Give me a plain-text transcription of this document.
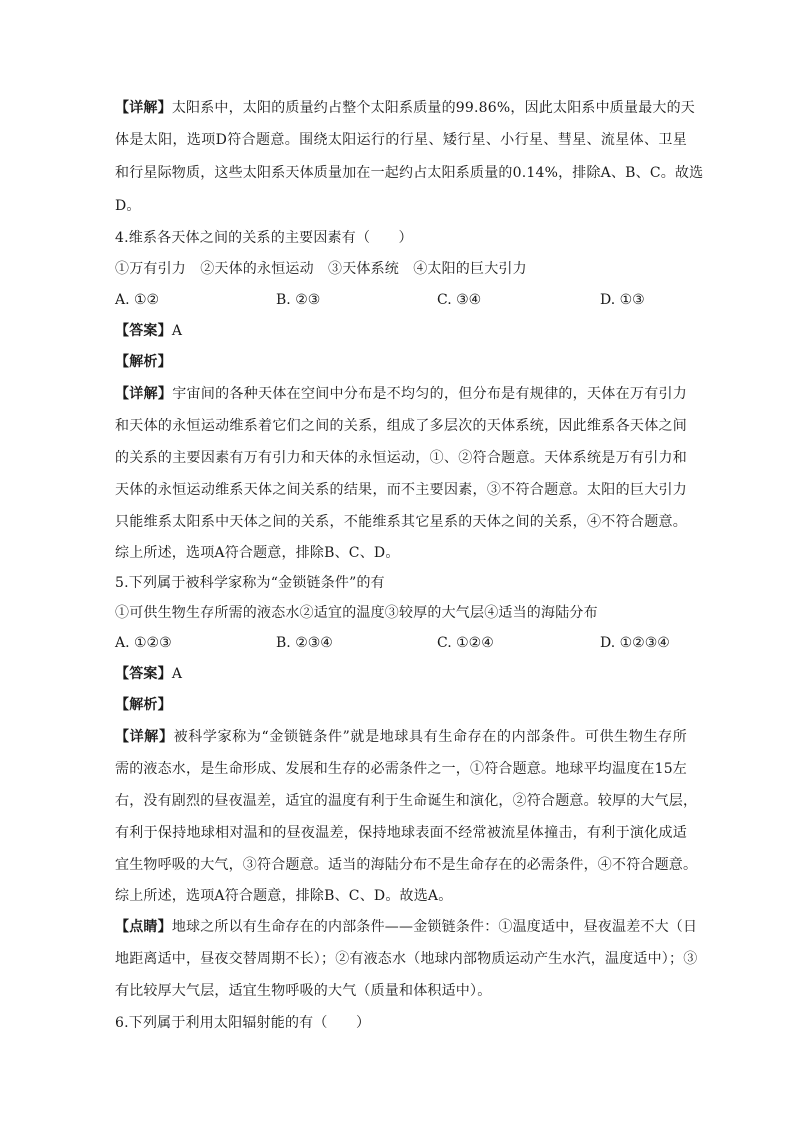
【详解】太阳系中，太阳的质量约占整个太阳系质量的99.86%，因此太阳系中质量最大的天
体是太阳，选项D符合题意。围绕太阳运行的行星、矮行星、小行星、彗星、流星体、卫星
和行星际物质，这些太阳系天体质量加在一起约占太阳系质量的0.14%，排除A、B、C。故选
D。
4.维系各天体之间的关系的主要因素有（　　）
①万有引力　②天体的永恒运动　③天体系统　④太阳的巨大引力
A. ①②	B. ②③	C. ③④	D. ①③
【答案】A
【解析】
【详解】宇宙间的各种天体在空间中分布是不均匀的，但分布是有规律的，天体在万有引力
和天体的永恒运动维系着它们之间的关系，组成了多层次的天体系统，因此维系各天体之间
的关系的主要因素有万有引力和天体的永恒运动，①、②符合题意。天体系统是万有引力和
天体的永恒运动维系天体之间关系的结果，而不主要因素，③不符合题意。太阳的巨大引力
只能维系太阳系中天体之间的关系，不能维系其它星系的天体之间的关系，④不符合题意。
综上所述，选项A符合题意，排除B、C、D。
5.下列属于被科学家称为“金锁链条件”的有
①可供生物生存所需的液态水②适宜的温度③较厚的大气层④适当的海陆分布
A. ①②③	B. ②③④	C. ①②④	D. ①②③④
【答案】A
【解析】
【详解】被科学家称为“金锁链条件”就是地球具有生命存在的内部条件。可供生物生存所
需的液态水，是生命形成、发展和生存的必需条件之一，①符合题意。地球平均温度在15左
右，没有剧烈的昼夜温差，适宜的温度有利于生命诞生和演化，②符合题意。较厚的大气层，
有利于保持地球相对温和的昼夜温差，保持地球表面不经常被流星体撞击，有利于演化成适
宜生物呼吸的大气，③符合题意。适当的海陆分布不是生命存在的必需条件，④不符合题意。
综上所述，选项A符合题意，排除B、C、D。故选A。
【点睛】地球之所以有生命存在的内部条件——金锁链条件：①温度适中，昼夜温差不大（日
地距离适中，昼夜交替周期不长）；②有液态水（地球内部物质运动产生水汽，温度适中）；③
有比较厚大气层，适宜生物呼吸的大气（质量和体积适中）。
6.下列属于利用太阳辐射能的有（　　）
